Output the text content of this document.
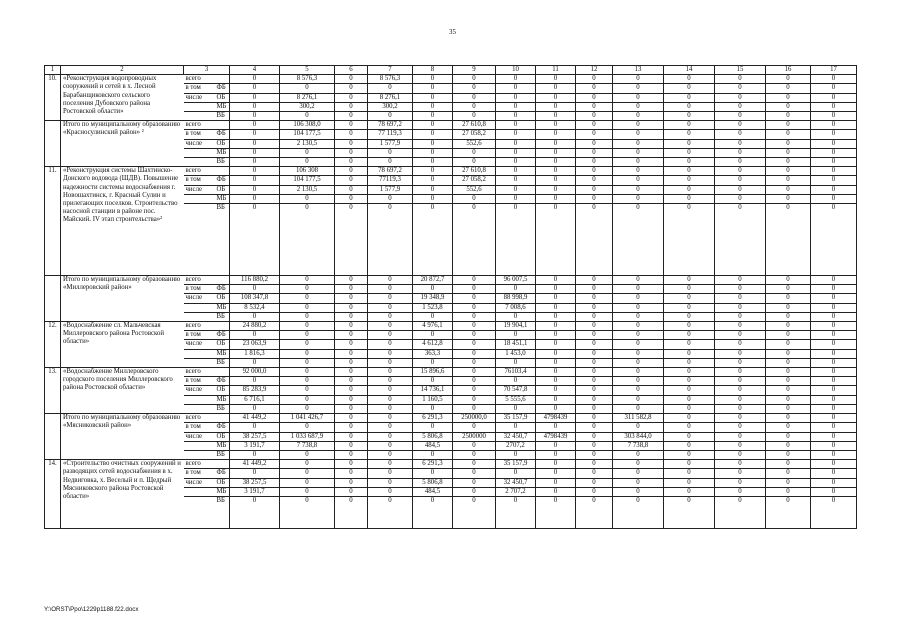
35
1	2	3		4	5	6	7	8	9	10	11	12	13	14	15	16	17
10.	«Реконструкция водопроводных сооружений и сетей в х. Лесной Барабанщиковского сельского поселения Дубовского района Ростовской области»	всего		0	8 576,3	0	8 576,3	0	0	0	0	0	0	0	0	0	0
		в том	ФБ	0	0	0	0	0	0	0	0	0	0	0	0	0	0
		числе	ОБ	0	8 276,1	0	8 276,1	0	0	0	0	0	0	0	0	0	0
			МБ	0	300,2	0	300,2	0	0	0	0	0	0	0	0	0	0
			ВБ	0	0	0	0	0	0	0	0	0	0	0	0	0	0
	Итого по муниципальному образованию «Красносулинский район» ²	всего		0	106 308,0	0	78 697,2	0	27 610,8	0	0	0	0	0	0	0	0
		в том	ФБ	0	104 177,5	0	77 119,3	0	27 058,2	0	0	0	0	0	0	0	0
		числе	ОБ	0	2 130,5	0	1 577,9	0	552,6	0	0	0	0	0	0	0	0
			МБ	0	0	0	0	0	0	0	0	0	0	0	0	0	0
			ВБ	0	0	0	0	0	0	0	0	0	0	0	0	0	0
11.	«Реконструкция системы Шахтинско-Донского водовода (ШДВ). Повышение надежности системы водоснабжения г. Новошахтинск, г. Красный Сулин и прилегающих поселков. Строительство насосной станции в районе пос. Майский. IV этап строительства»²	всего		0	106 308	0	78 697,2	0	27 610,8	0	0	0	0	0	0	0	0
		в том	ФБ	0	104 177,5	0	77119,3	0	27 058,2	0	0	0	0	0	0	0	0
		числе	ОБ	0	2 130,5	0	1 577,9	0	552,6	0	0	0	0	0	0	0	0
			МБ	0	0	0	0	0	0	0	0	0	0	0	0	0	0
			ВБ	0	0	0	0	0	0	0	0	0	0	0	0	0	0
	Итого по муниципальному образованию «Миллеровский район»	всего		116 880,2	0	0	0	20 872,7	0	96 007,5	0	0	0	0	0	0	0
		в том	ФБ	0	0	0	0	0	0	0	0	0	0	0	0	0	0
		числе	ОБ	108 347,8	0	0	0	19 348,9	0	88 998,9	0	0	0	0	0	0	0
			МБ	8 532,4	0	0	0	1 523,8	0	7 008,6	0	0	0	0	0	0	0
			ВБ	0	0	0	0	0	0	0	0	0	0	0	0	0	0
12.	«Водоснабжение сл. Мальчевская Миллеровского района Ростовской области»	всего		24 880,2	0	0	0	4 976,1	0	19 904,1	0	0	0	0	0	0	0
		в том	ФБ	0	0	0	0	0	0	0	0	0	0	0	0	0	0
		числе	ОБ	23 063,9	0	0	0	4 612,8	0	18 451,1	0	0	0	0	0	0	0
			МБ	1 816,3	0	0	0	363,3	0	1 453,0	0	0	0	0	0	0	0
			ВБ	0	0	0	0	0	0	0	0	0	0	0	0	0	0
13.	«Водоснабжение Миллеровского городского поселения Миллеровского района Ростовской области»	всего		92 000,0	0	0	0	15 896,6	0	76103,4	0	0	0	0	0	0	0
		в том	ФБ	0	0	0	0	0	0	0	0	0	0	0	0	0	0
		числе	ОБ	85 283,9	0	0	0	14 736,1	0	70 547,8	0	0	0	0	0	0	0
			МБ	6 716,1	0	0	0	1 160,5	0	5 555,6	0	0	0	0	0	0	0
			ВБ	0	0	0	0	0	0	0	0	0	0	0	0	0	0
	Итого по муниципальному образованию «Мясниковский район»	всего		41 449,2	1 041 426,7	0	0	6 291,3	250000,0	35 157,9	4798439	0	311 582,8	0	0	0	0
		в том	ФБ	0	0	0	0	0	0	0	0	0	0	0	0	0	0
		числе	ОБ	38 257,5	1 033 687,9	0	0	5 806,8	2500000	32 450,7	4798439	0	303 844,0	0	0	0	0
			МБ	3 191,7	7 738,8	0	0	484,5	0	2707,2	0	0	7 738,8	0	0	0	0
			ВБ	0	0	0	0	0	0	0	0	0	0	0	0	0	0
14.	«Строительство очистных сооружений и разводящих сетей водоснабжения в х. Недвиговка, х. Веселый и п. Щедрый Мясниковского района Ростовской области»	всего		41 449,2	0	0	0	6 291,3	0	35 157,9	0	0	0	0	0	0	0
		в том	ФБ	0	0	0	0	0	0	0	0	0	0	0	0	0	0
		числе	ОБ	38 257,5	0	0	0	5 806,8	0	32 450,7	0	0	0	0	0	0	0
			МБ	3 191,7	0	0	0	484,5	0	2 707,2	0	0	0	0	0	0	0
			ВБ	0	0	0	0	0	0	0	0	0	0	0	0	0	0
Y:\ORST\Ppo\1229p1188.f22.docx
